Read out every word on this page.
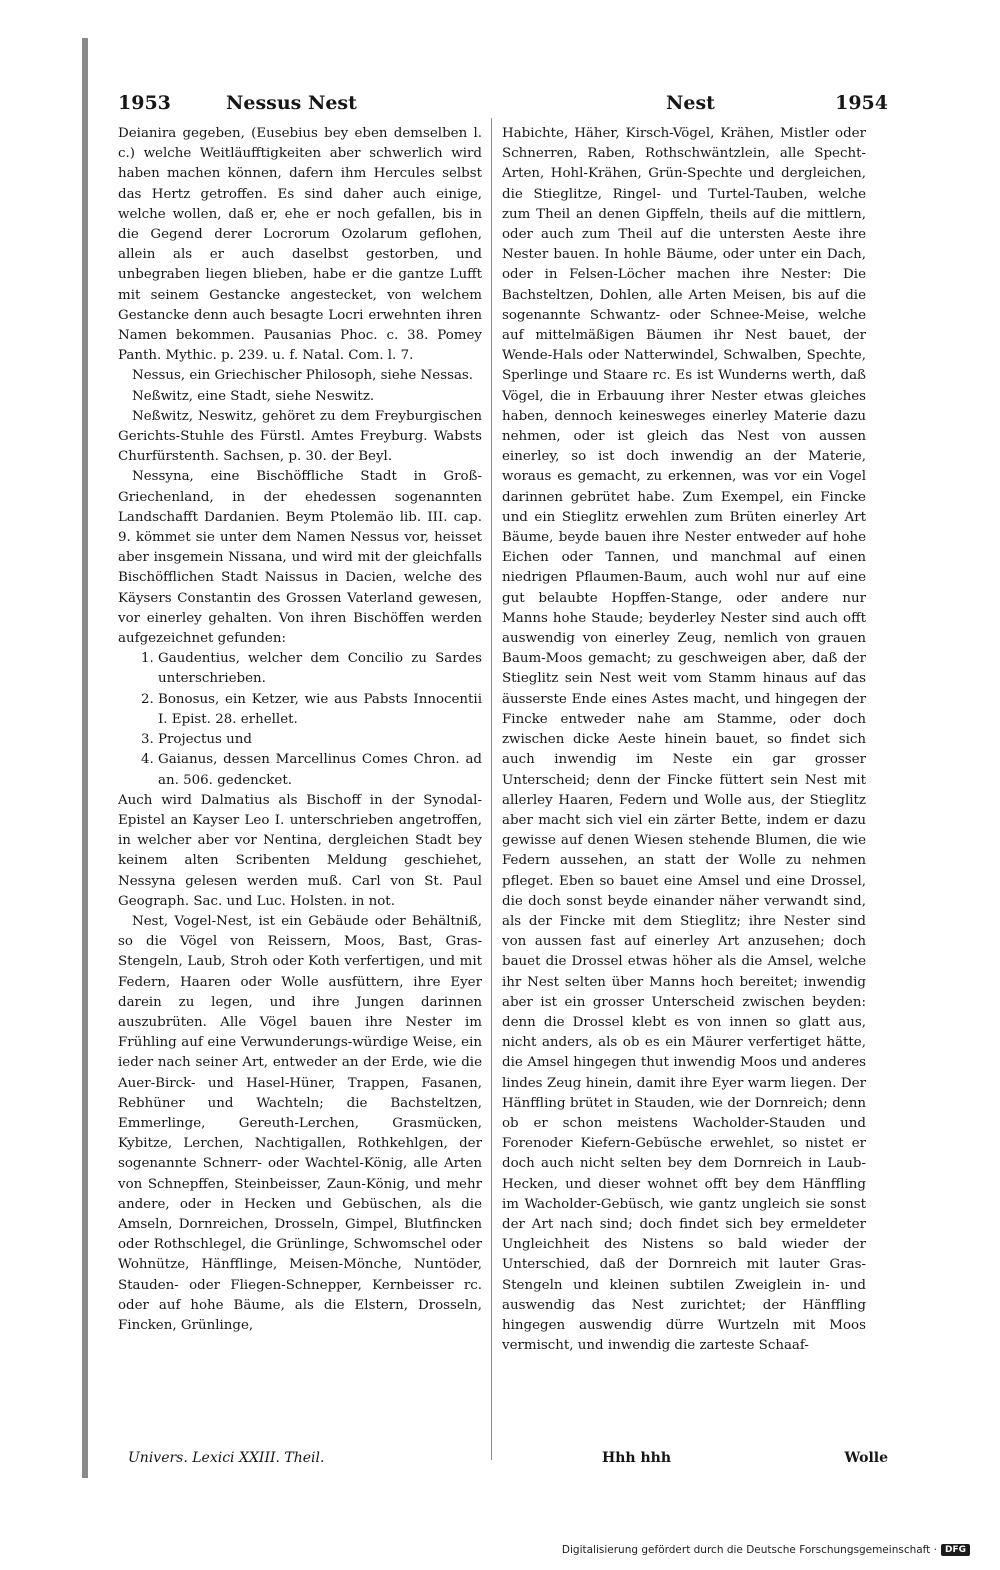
1953	Nessus Nest	Nest	1954

Deianira gegeben, (Eusebius bey eben demselben l. c.) welche Weitläufftigkeiten aber schwerlich wird haben machen können, dafern ihm Hercules selbst das Hertz getroffen. Es sind daher auch einige, welche wollen, daß er, ehe er noch gefallen, bis in die Gegend derer Locrorum Ozolarum geflohen, allein als er auch daselbst gestorben, und unbegraben liegen blieben, habe er die gantze Lufft mit seinem Gestancke angestecket, von welchem Gestancke denn auch besagte Locri erwehnten ihren Namen bekommen. Pausanias Phoc. c. 38. Pomey Panth. Mythic. p. 239. u. f. Natal. Com. l. 7.

Nessus, ein Griechischer Philosoph, siehe Nessas.

Neßwitz, eine Stadt, siehe Neswitz.

Neßwitz, Neswitz, gehöret zu dem Freyburgischen Gerichts-Stuhle des Fürstl. Amtes Freyburg. Wabsts Churfürstenth. Sachsen, p. 30. der Beyl.

Nessyna, eine Bischöffliche Stadt in Groß-Griechenland, in der ehedessen sogenannten Landschafft Dardanien. Beym Ptolemäo lib. III. cap. 9. kömmet sie unter dem Namen Nessus vor, heisset aber insgemein Nissana, und wird mit der gleichfalls Bischöfflichen Stadt Naissus in Dacien, welche des Käysers Constantin des Grossen Vaterland gewesen, vor einerley gehalten. Von ihren Bischöffen werden aufgezeichnet gefunden:

1. Gaudentius, welcher dem Concilio zu Sardes unterschrieben.
2. Bonosus, ein Ketzer, wie aus Pabsts Innocentii I. Epist. 28. erhellet.
3. Projectus und
4. Gaianus, dessen Marcellinus Comes Chron. ad an. 506. gedencket.

Auch wird Dalmatius als Bischoff in der Synodal-Epistel an Kayser Leo I. unterschrieben angetroffen, in welcher aber vor Nentina, dergleichen Stadt bey keinem alten Scribenten Meldung geschiehet, Nessyna gelesen werden muß. Carl von St. Paul Geograph. Sac. und Luc. Holsten. in not.

Nest, Vogel-Nest, ist ein Gebäude oder Behältniß, so die Vögel von Reissern, Moos, Bast, Gras-Stengeln, Laub, Stroh oder Koth verfertigen, und mit Federn, Haaren oder Wolle ausfüttern, ihre Eyer darein zu legen, und ihre Jungen darinnen auszubrüten. Alle Vögel bauen ihre Nester im Frühling auf eine Verwunderungs-würdige Weise, ein ieder nach seiner Art, entweder an der Erde, wie die Auer-Birck- und Hasel-Hüner, Trappen, Fasanen, Rebhüner und Wachteln; die Bachsteltzen, Emmerlinge, Gereuth-Lerchen, Grasmücken, Kybitze, Lerchen, Nachtigallen, Rothkehlgen, der sogenannte Schnerr- oder Wachtel-König, alle Arten von Schnepffen, Steinbeisser, Zaun-König, und mehr andere, oder in Hecken und Gebüschen, als die Amseln, Dornreichen, Drosseln, Gimpel, Blutfincken oder Rothschlegel, die Grünlinge, Schwomschel oder Wohnütze, Hänfflinge, Meisen-Mönche, Nuntöder, Stauden- oder Fliegen-Schnepper, Kernbeisser rc. oder auf hohe Bäume, als die Elstern, Drosseln, Fincken, Grünlinge,

Habichte, Häher, Kirsch-Vögel, Krähen, Mistler oder Schnerren, Raben, Rothschwäntzlein, alle Specht-Arten, Hohl-Krähen, Grün-Spechte und dergleichen, die Stieglitze, Ringel- und Turtel-Tauben, welche zum Theil an denen Gipffeln, theils auf die mittlern, oder auch zum Theil auf die untersten Aeste ihre Nester bauen. In hohle Bäume, oder unter ein Dach, oder in Felsen-Löcher machen ihre Nester: Die Bachsteltzen, Dohlen, alle Arten Meisen, bis auf die sogenannte Schwantz- oder Schnee-Meise, welche auf mittelmäßigen Bäumen ihr Nest bauet, der Wende-Hals oder Natterwindel, Schwalben, Spechte, Sperlinge und Staare rc. Es ist Wunderns werth, daß Vögel, die in Erbauung ihrer Nester etwas gleiches haben, dennoch keinesweges einerley Materie dazu nehmen, oder ist gleich das Nest von aussen einerley, so ist doch inwendig an der Materie, woraus es gemacht, zu erkennen, was vor ein Vogel darinnen gebrütet habe. Zum Exempel, ein Fincke und ein Stieglitz erwehlen zum Brüten einerley Art Bäume, beyde bauen ihre Nester entweder auf hohe Eichen oder Tannen, und manchmal auf einen niedrigen Pflaumen-Baum, auch wohl nur auf eine gut belaubte Hopffen-Stange, oder andere nur Manns hohe Staude; beyderley Nester sind auch offt auswendig von einerley Zeug, nemlich von grauen Baum-Moos gemacht; zu geschweigen aber, daß der Stieglitz sein Nest weit vom Stamm hinaus auf das äusserste Ende eines Astes macht, und hingegen der Fincke entweder nahe am Stamme, oder doch zwischen dicke Aeste hinein bauet, so findet sich auch inwendig im Neste ein gar grosser Unterscheid; denn der Fincke füttert sein Nest mit allerley Haaren, Federn und Wolle aus, der Stieglitz aber macht sich viel ein zärter Bette, indem er dazu gewisse auf denen Wiesen stehende Blumen, die wie Federn aussehen, an statt der Wolle zu nehmen pfleget. Eben so bauet eine Amsel und eine Drossel, die doch sonst beyde einander näher verwandt sind, als der Fincke mit dem Stieglitz; ihre Nester sind von aussen fast auf einerley Art anzusehen; doch bauet die Drossel etwas höher als die Amsel, welche ihr Nest selten über Manns hoch bereitet; inwendig aber ist ein grosser Unterscheid zwischen beyden: denn die Drossel klebt es von innen so glatt aus, nicht anders, als ob es ein Mäurer verfertiget hätte, die Amsel hingegen thut inwendig Moos und anderes lindes Zeug hinein, damit ihre Eyer warm liegen. Der Hänffling brütet in Stauden, wie der Dornreich; denn ob er schon meistens Wacholder-Stauden und Forenoder Kiefern-Gebüsche erwehlet, so nistet er doch auch nicht selten bey dem Dornreich in Laub-Hecken, und dieser wohnet offt bey dem Hänffling im Wacholder-Gebüsch, wie gantz ungleich sie sonst der Art nach sind; doch findet sich bey ermeldeter Ungleichheit des Nistens so bald wieder der Unterschied, daß der Dornreich mit lauter Gras-Stengeln und kleinen subtilen Zweiglein in- und auswendig das Nest zurichtet; der Hänffling hingegen auswendig dürre Wurtzeln mit Moos vermischt, und inwendig die zarteste Schaaf-

Univers. Lexici XXIII. Theil.	Hhh hhh	Wolle
Digitalisierung gefördert durch die Deutsche Forschungsgemeinschaft · DFG
